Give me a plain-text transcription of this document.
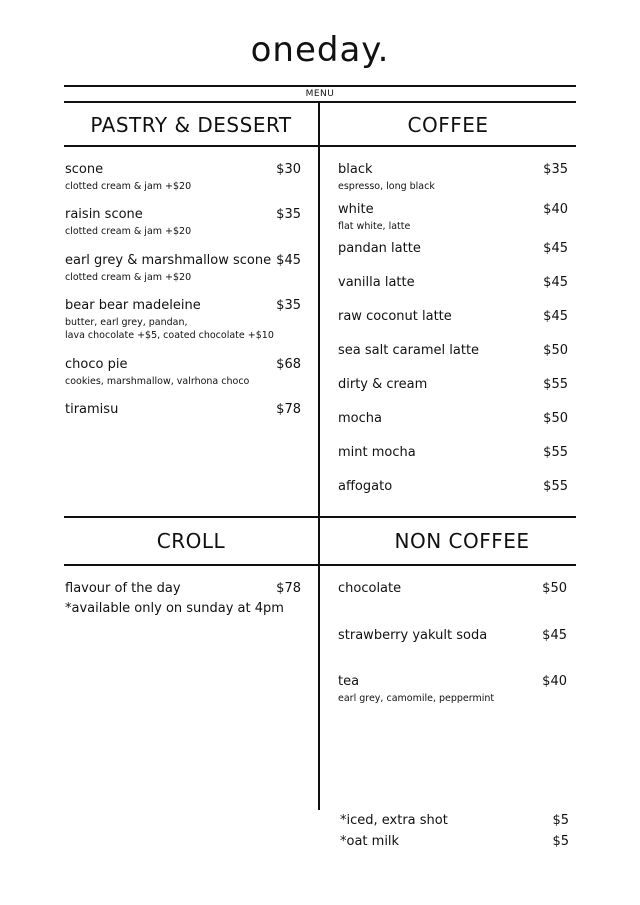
oneday.
MENU
PASTRY & DESSERT	COFFEE
scone	$30
clotted cream & jam +$20
raisin scone	$35
clotted cream & jam +$20
earl grey & marshmallow scone $45
clotted cream & jam +$20
bear bear madeleine	$35
butter, earl grey, pandan,
lava chocolate +$5, coated chocolate +$10
choco pie	$68
cookies, marshmallow, valrhona choco
tiramisu	$78
black	$35
espresso, long black
white	$40
flat white, latte
pandan latte	$45
vanilla latte	$45
raw coconut latte	$45
sea salt caramel latte	$50
dirty & cream	$55
mocha	$50
mint mocha	$55
affogato	$55
CROLL	NON COFFEE
flavour of the day	$78
*available only on sunday at 4pm
chocolate	$50
strawberry yakult soda	$45
tea	$40
earl grey, camomile, peppermint
*iced, extra shot	$5
*oat milk	$5
